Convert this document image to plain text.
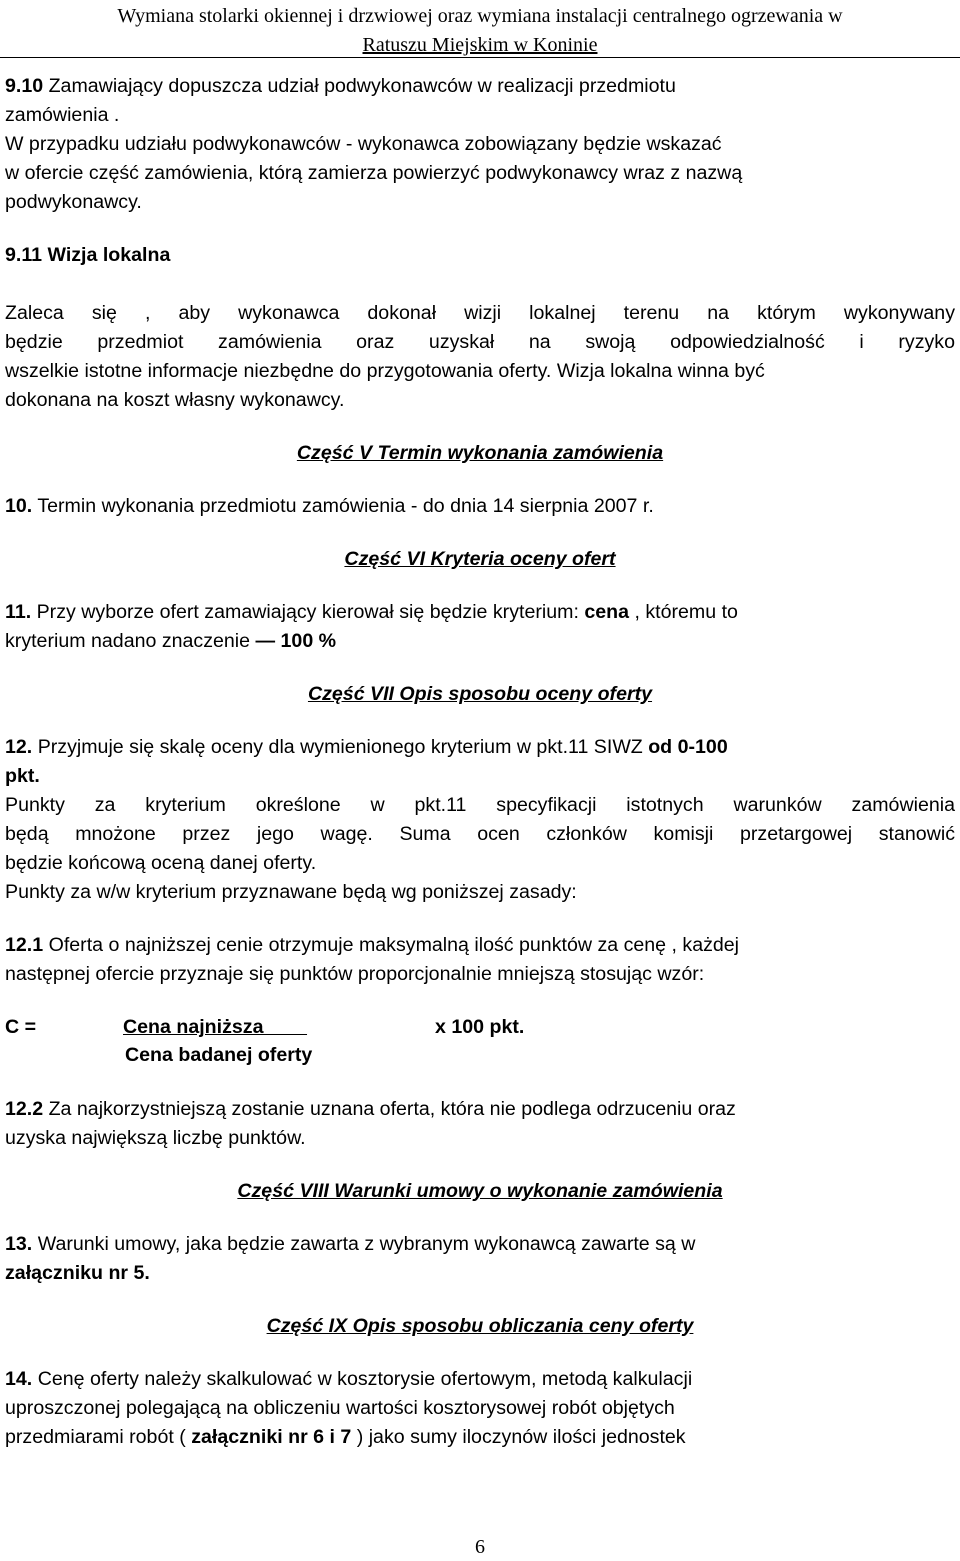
Wymiana stolarki okiennej i drzwiowej oraz wymiana instalacji centralnego ogrzewania w
Ratuszu Miejskim w Koninie
9.10 Zamawiający dopuszcza udział podwykonawców w realizacji przedmiotu
zamówienia .
W przypadku udziału podwykonawców - wykonawca zobowiązany będzie wskazać
w ofercie część zamówienia, którą zamierza powierzyć podwykonawcy wraz z nazwą
podwykonawcy.
9.11 Wizja lokalna

Zaleca się , aby wykonawca dokonał wizji lokalnej terenu na którym wykonywany
będzie przedmiot zamówienia oraz uzyskał na swoją odpowiedzialność i ryzyko
wszelkie istotne informacje niezbędne do przygotowania oferty. Wizja lokalna winna być
dokonana na koszt własny wykonawcy.

Część V Termin wykonania zamówienia

10. Termin wykonania przedmiotu zamówienia - do dnia 14 sierpnia 2007 r.

Część VI Kryteria oceny ofert

11. Przy wyborze ofert zamawiający kierował się będzie kryterium: cena , któremu to
kryterium nadano znaczenie — 100 %

Część VII Opis sposobu oceny oferty

12. Przyjmuje się skalę oceny dla wymienionego kryterium w pkt.11 SIWZ od 0-100
pkt.
Punkty za kryterium określone w pkt.11 specyfikacji istotnych warunków zamówienia
będą mnożone przez jego wagę. Suma ocen członków komisji przetargowej stanowić
będzie końcową oceną danej oferty.
Punkty za w/w kryterium przyznawane będą wg poniższej zasady:
12.1 Oferta o najniższej cenie otrzymuje maksymalną ilość punktów za cenę , każdej
następnej ofercie przyznaje się punktów proporcjonalnie mniejszą stosując wzór:
C =	Cena najniższa	x 100 pkt.
Cena badanej oferty
12.2 Za najkorzystniejszą zostanie uznana oferta, która nie podlega odrzuceniu oraz
uzyska największą liczbę punktów.

Część VIII Warunki umowy o wykonanie zamówienia

13. Warunki umowy, jaka będzie zawarta z wybranym wykonawcą zawarte są w
załączniku nr 5.

Część IX Opis sposobu obliczania ceny oferty

14. Cenę oferty należy skalkulować w kosztorysie ofertowym, metodą kalkulacji
uproszczonej polegającą na obliczeniu wartości kosztorysowej robót objętych
przedmiarami robót ( załączniki nr 6 i 7 ) jako sumy iloczynów ilości jednostek
6
